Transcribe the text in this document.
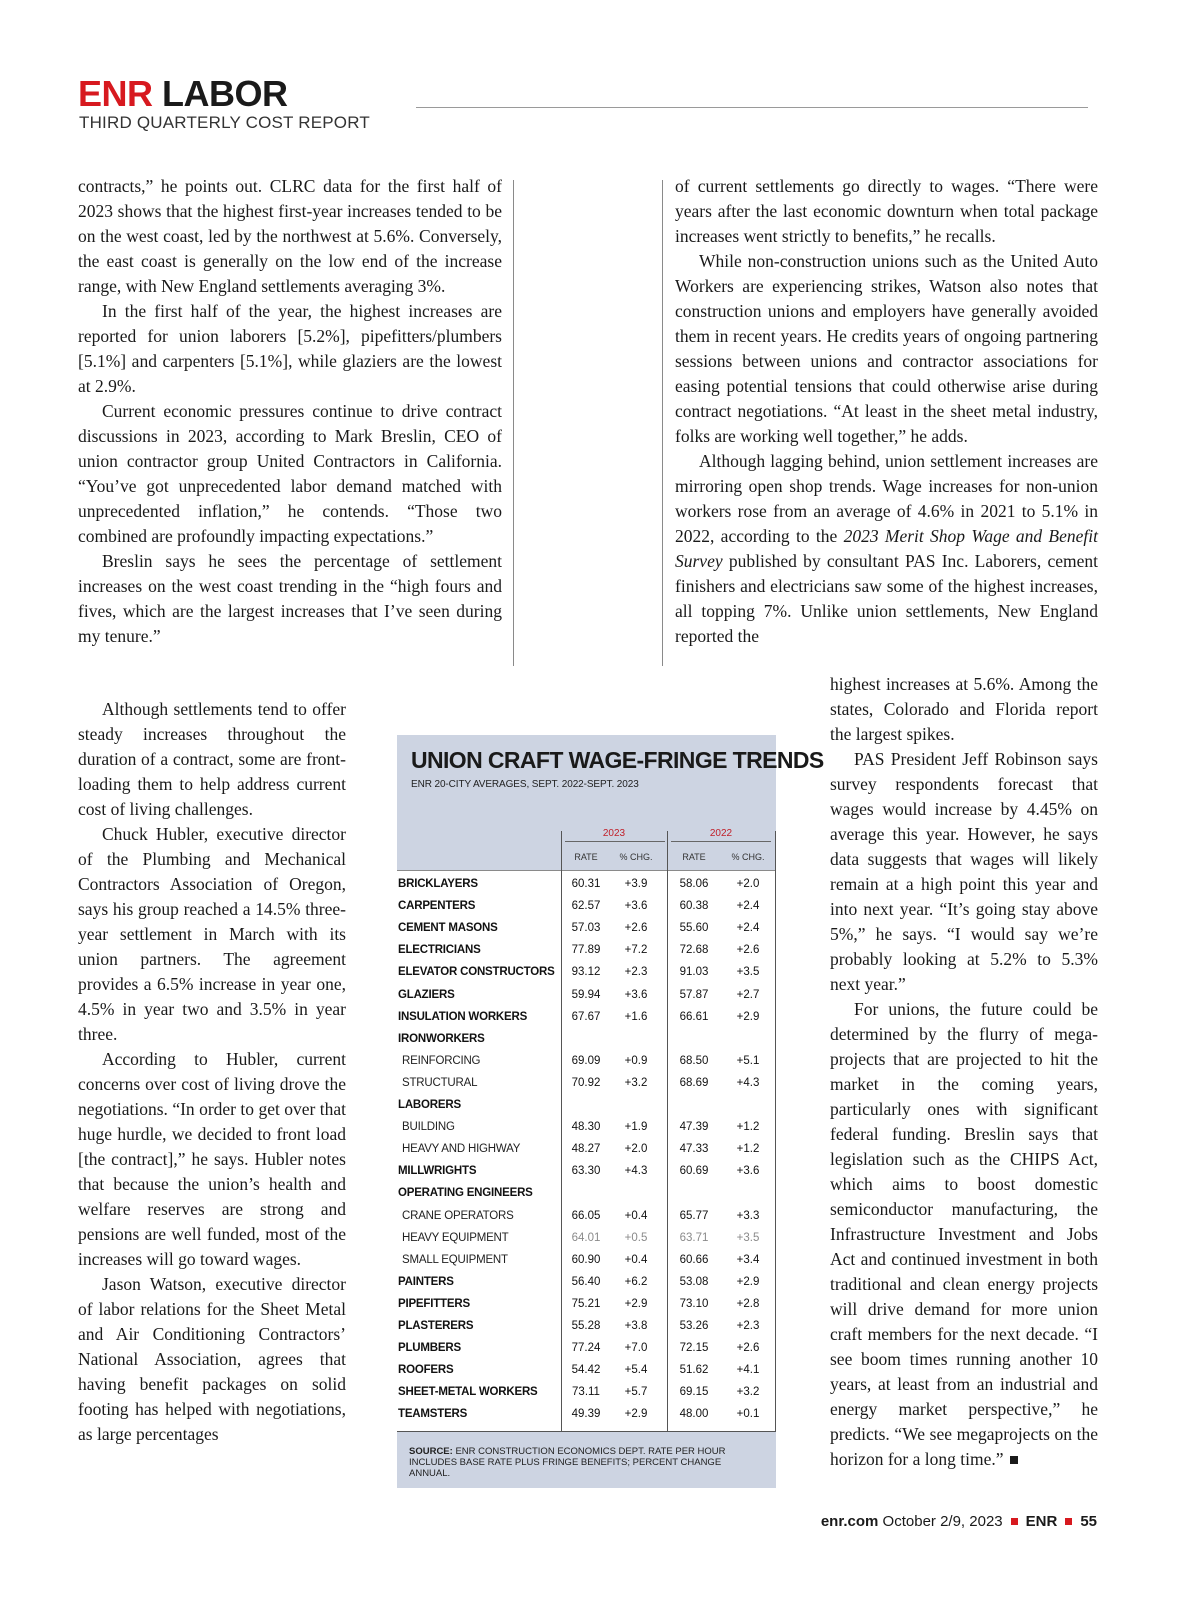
ENR LABOR
THIRD QUARTERLY COST REPORT

contracts,” he points out. CLRC data for the first half of 2023 shows that the highest first-year increases tended to be on the west coast, led by the northwest at 5.6%. Conversely, the east coast is generally on the low end of the increase range, with New England settlements averaging 3%.

In the first half of the year, the highest increases are reported for union laborers [5.2%], pipefitters/plumbers [5.1%] and carpenters [5.1%], while glaziers are the lowest at 2.9%.

Current economic pressures continue to drive contract discussions in 2023, according to Mark Breslin, CEO of union contractor group United Contractors in California. “You’ve got unprecedented labor demand matched with unprecedented inflation,” he contends. “Those two combined are profoundly impacting expectations.”

Breslin says he sees the percentage of settlement increases on the west coast trending in the “high fours and fives, which are the largest increases that I’ve seen during my tenure.”

Although settlements tend to offer steady increases throughout the duration of a contract, some are front-loading them to help address current cost of living challenges.

Chuck Hubler, executive director of the Plumbing and Mechanical Contractors Association of Oregon, says his group reached a 14.5% three-year settlement in March with its union partners. The agreement provides a 6.5% increase in year one, 4.5% in year two and 3.5% in year three.

According to Hubler, current concerns over cost of living drove the negotiations. “In order to get over that huge hurdle, we decided to front load [the contract],” he says. Hubler notes that because the union’s health and welfare reserves are strong and pensions are well funded, most of the increases will go toward wages.

Jason Watson, executive director of labor relations for the Sheet Metal and Air Conditioning Contractors’ National Association, agrees that having benefit packages on solid footing has helped with negotiations, as large percentages

of current settlements go directly to wages. “There were years after the last economic downturn when total package increases went strictly to benefits,” he recalls.

While non-construction unions such as the United Auto Workers are experiencing strikes, Watson also notes that construction unions and employers have generally avoided them in recent years. He credits years of ongoing partnering sessions between unions and contractor associations for easing potential tensions that could otherwise arise during contract negotiations. “At least in the sheet metal industry, folks are working well together,” he adds.

Although lagging behind, union settlement increases are mirroring open shop trends. Wage increases for non-union workers rose from an average of 4.6% in 2021 to 5.1% in 2022, according to the 2023 Merit Shop Wage and Benefit Survey published by consultant PAS Inc. Laborers, cement finishers and electricians saw some of the highest increases, all topping 7%. Unlike union settlements, New England reported the

highest increases at 5.6%. Among the states, Colorado and Florida report the largest spikes.

PAS President Jeff Robinson says survey respondents forecast that wages would increase by 4.45% on average this year. However, he says data suggests that wages will likely remain at a high point this year and into next year. “It’s going stay above 5%,” he says. “I would say we’re probably looking at 5.2% to 5.3% next year.”

For unions, the future could be determined by the flurry of megaprojects that are projected to hit the market in the coming years, particularly ones with significant federal funding. Breslin says that legislation such as the CHIPS Act, which aims to boost domestic semiconductor manufacturing, the Infrastructure Investment and Jobs Act and continued investment in both traditional and clean energy projects will drive demand for more union craft members for the next decade. “I see boom times running another 10 years, at least from an industrial and energy market perspective,” he predicts. “We see megaprojects on the horizon for a long time.”

UNION CRAFT WAGE-FRINGE TRENDS
ENR 20-CITY AVERAGES, SEPT. 2022-SEPT. 2023
2023	2022
RATE	% CHG.	RATE	% CHG.
BRICKLAYERS	60.31	+3.9	58.06	+2.0
CARPENTERS	62.57	+3.6	60.38	+2.4
CEMENT MASONS	57.03	+2.6	55.60	+2.4
ELECTRICIANS	77.89	+7.2	72.68	+2.6
ELEVATOR CONSTRUCTORS	93.12	+2.3	91.03	+3.5
GLAZIERS	59.94	+3.6	57.87	+2.7
INSULATION WORKERS	67.67	+1.6	66.61	+2.9
IRONWORKERS
REINFORCING	69.09	+0.9	68.50	+5.1
STRUCTURAL	70.92	+3.2	68.69	+4.3
LABORERS
BUILDING	48.30	+1.9	47.39	+1.2
HEAVY AND HIGHWAY	48.27	+2.0	47.33	+1.2
MILLWRIGHTS	63.30	+4.3	60.69	+3.6
OPERATING ENGINEERS
CRANE OPERATORS	66.05	+0.4	65.77	+3.3
HEAVY EQUIPMENT	64.01	+0.5	63.71	+3.5
SMALL EQUIPMENT	60.90	+0.4	60.66	+3.4
PAINTERS	56.40	+6.2	53.08	+2.9
PIPEFITTERS	75.21	+2.9	73.10	+2.8
PLASTERERS	55.28	+3.8	53.26	+2.3
PLUMBERS	77.24	+7.0	72.15	+2.6
ROOFERS	54.42	+5.4	51.62	+4.1
SHEET-METAL WORKERS	73.11	+5.7	69.15	+3.2
TEAMSTERS	49.39	+2.9	48.00	+0.1
SOURCE: ENR CONSTRUCTION ECONOMICS DEPT. RATE PER HOUR INCLUDES BASE RATE PLUS FRINGE BENEFITS; PERCENT CHANGE ANNUAL.
enr.com October 2/9, 2023 ENR 55
